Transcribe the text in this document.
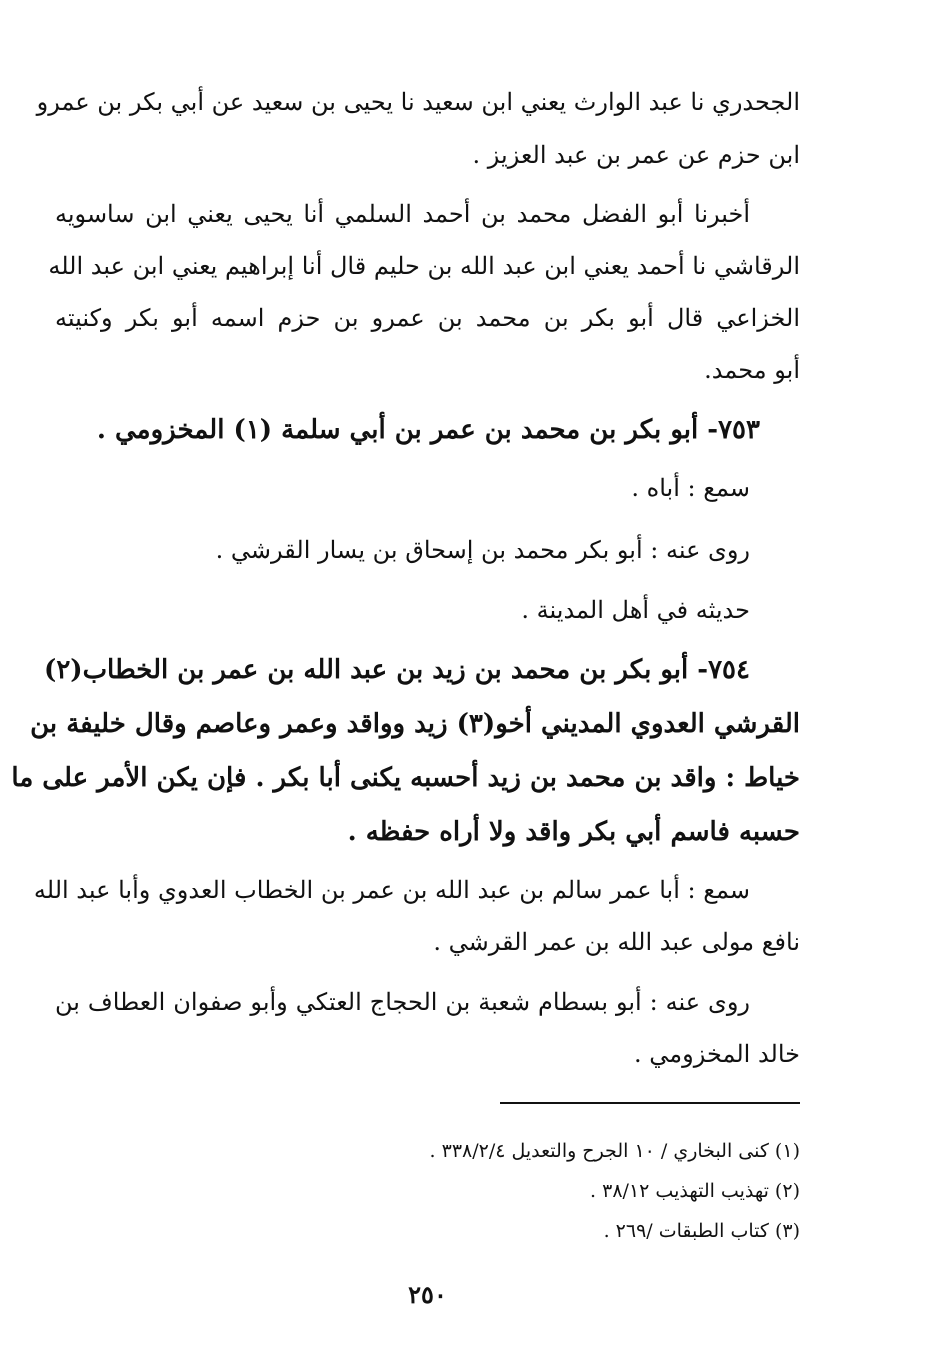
الجحدري نا عبد الوارث يعني ابن سعيد نا يحيى بن سعيد عن أبي بكر بن عمرو
ابن حزم عن عمر بن عبد العزيز .
أخبرنا أبو الفضل محمد بن أحمد السلمي أنا يحيى يعني ابن ساسويه
الرقاشي نا أحمد يعني ابن عبد الله بن حليم قال أنا إبراهيم يعني ابن عبد الله
الخزاعي قال أبو بكر بن محمد بن عمرو بن حزم اسمه أبو بكر وكنيته
أبو محمد.
٧٥٣- أبو بكر بن محمد بن عمر بن أبي سلمة (١) المخزومي .
سمع : أباه .
روى عنه : أبو بكر محمد بن إسحاق بن يسار القرشي .
حديثه في أهل المدينة .
٧٥٤- أبو بكر بن محمد بن زيد بن عبد الله بن عمر بن الخطاب(٢)
القرشي العدوي المديني أخو(٣) زيد وواقد وعمر وعاصم وقال خليفة بن
خياط : واقد بن محمد بن زيد أحسبه يكنى أبا بكر . فإن يكن الأمر على ما
حسبه فاسم أبي بكر واقد ولا أراه حفظه .
سمع : أبا عمر سالم بن عبد الله بن عمر بن الخطاب العدوي وأبا عبد الله
نافع مولى عبد الله بن عمر القرشي .
روى عنه : أبو بسطام شعبة بن الحجاج العتكي وأبو صفوان العطاف بن
خالد المخزومي .
(١) كنى البخاري / ١٠ الجرح والتعديل ٣٣٨/٢/٤ .
(٢) تهذيب التهذيب ٣٨/١٢ .
(٣) كتاب الطبقات /٢٦٩ .
٢٥٠
